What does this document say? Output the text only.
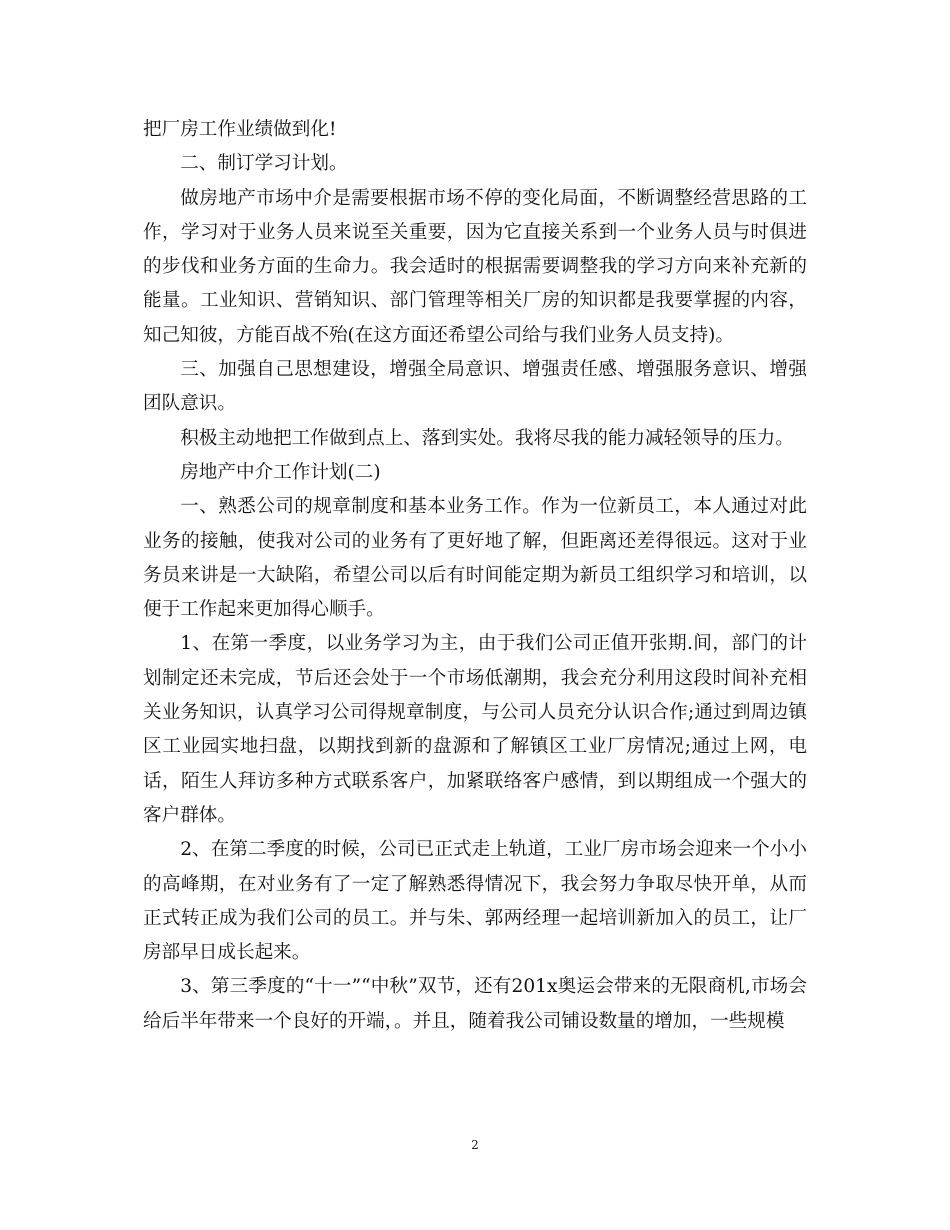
把厂房工作业绩做到化!

二、制订学习计划。

做房地产市场中介是需要根据市场不停的变化局面，不断调整经营思路的工作，学习对于业务人员来说至关重要，因为它直接关系到一个业务人员与时俱进的步伐和业务方面的生命力。我会适时的根据需要调整我的学习方向来补充新的能量。工业知识、营销知识、部门管理等相关厂房的知识都是我要掌握的内容，知己知彼，方能百战不殆(在这方面还希望公司给与我们业务人员支持)。

三、加强自己思想建设，增强全局意识、增强责任感、增强服务意识、增强团队意识。

积极主动地把工作做到点上、落到实处。我将尽我的能力减轻领导的压力。

房地产中介工作计划(二)

一、熟悉公司的规章制度和基本业务工作。作为一位新员工，本人通过对此业务的接触，使我对公司的业务有了更好地了解，但距离还差得很远。这对于业务员来讲是一大缺陷，希望公司以后有时间能定期为新员工组织学习和培训，以便于工作起来更加得心顺手。

1、在第一季度，以业务学习为主，由于我们公司正值开张期.间，部门的计划制定还未完成，节后还会处于一个市场低潮期，我会充分利用这段时间补充相关业务知识，认真学习公司得规章制度，与公司人员充分认识合作;通过到周边镇区工业园实地扫盘，以期找到新的盘源和了解镇区工业厂房情况;通过上网，电话，陌生人拜访多种方式联系客户，加紧联络客户感情，到以期组成一个强大的客户群体。

2、在第二季度的时候，公司已正式走上轨道，工业厂房市场会迎来一个小小的高峰期，在对业务有了一定了解熟悉得情况下，我会努力争取尽快开单，从而正式转正成为我们公司的员工。并与朱、郭两经理一起培训新加入的员工，让厂房部早日成长起来。

3、第三季度的“十一”“中秋”双节，还有201x奥运会带来的无限商机,市场会给后半年带来一个良好的开端，。并且，随着我公司铺设数量的增加，一些规模

2
